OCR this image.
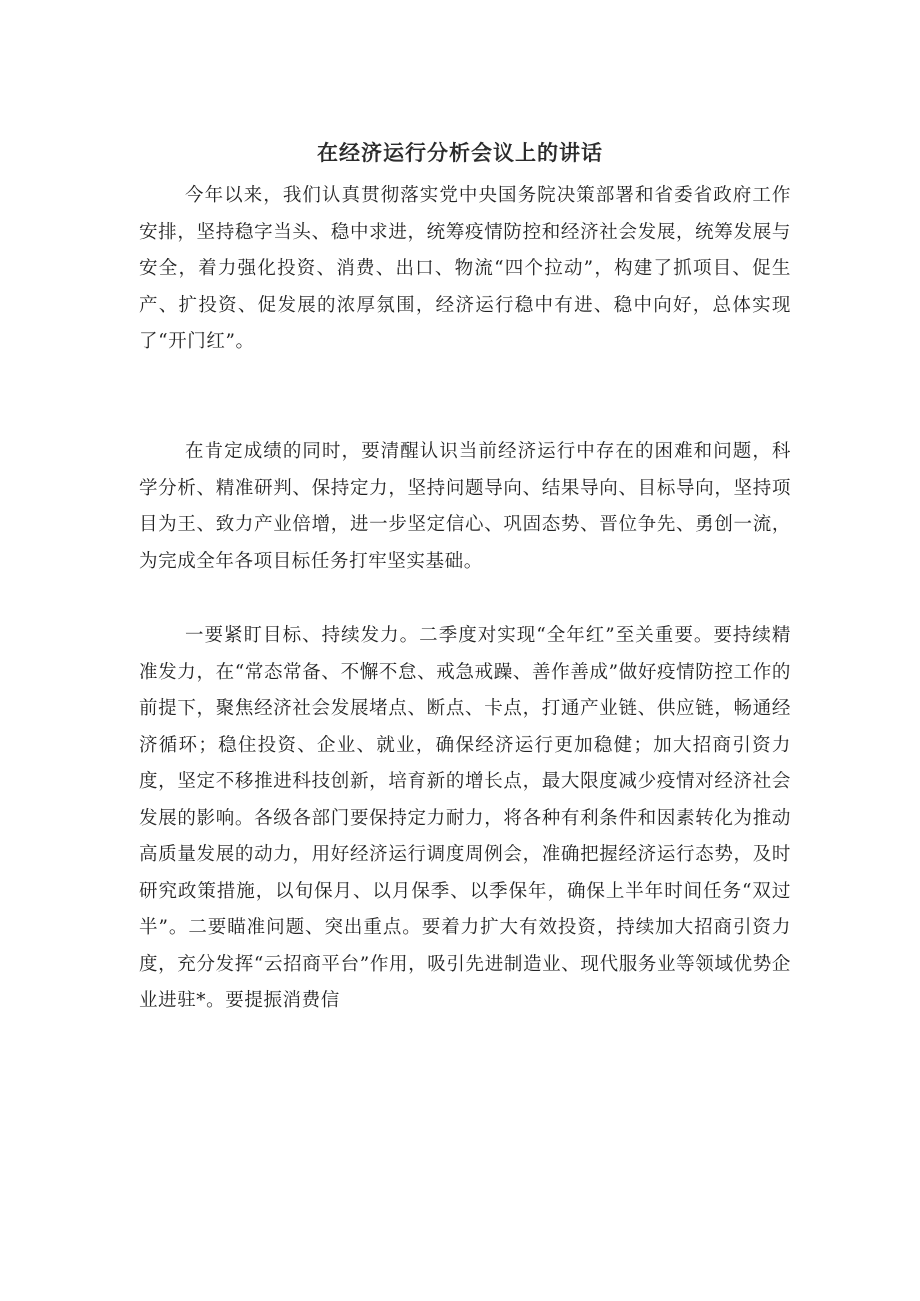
在经济运行分析会议上的讲话

今年以来，我们认真贯彻落实党中央国务院决策部署和省委省政府工作安排，坚持稳字当头、稳中求进，统筹疫情防控和经济社会发展，统筹发展与安全，着力强化投资、消费、出口、物流“四个拉动”，构建了抓项目、促生产、扩投资、促发展的浓厚氛围，经济运行稳中有进、稳中向好，总体实现了“开门红”。

在肯定成绩的同时，要清醒认识当前经济运行中存在的困难和问题，科学分析、精准研判、保持定力，坚持问题导向、结果导向、目标导向，坚持项目为王、致力产业倍增，进一步坚定信心、巩固态势、晋位争先、勇创一流，为完成全年各项目标任务打牢坚实基础。

一要紧盯目标、持续发力。二季度对实现“全年红”至关重要。要持续精准发力，在“常态常备、不懈不怠、戒急戒躁、善作善成”做好疫情防控工作的前提下，聚焦经济社会发展堵点、断点、卡点，打通产业链、供应链，畅通经济循环；稳住投资、企业、就业，确保经济运行更加稳健；加大招商引资力度，坚定不移推进科技创新，培育新的增长点，最大限度减少疫情对经济社会发展的影响。各级各部门要保持定力耐力，将各种有利条件和因素转化为推动高质量发展的动力，用好经济运行调度周例会，准确把握经济运行态势，及时研究政策措施，以旬保月、以月保季、以季保年，确保上半年时间任务“双过半”。二要瞄准问题、突出重点。要着力扩大有效投资，持续加大招商引资力度，充分发挥“云招商平台”作用，吸引先进制造业、现代服务业等领域优势企业进驻*。要提振消费信
